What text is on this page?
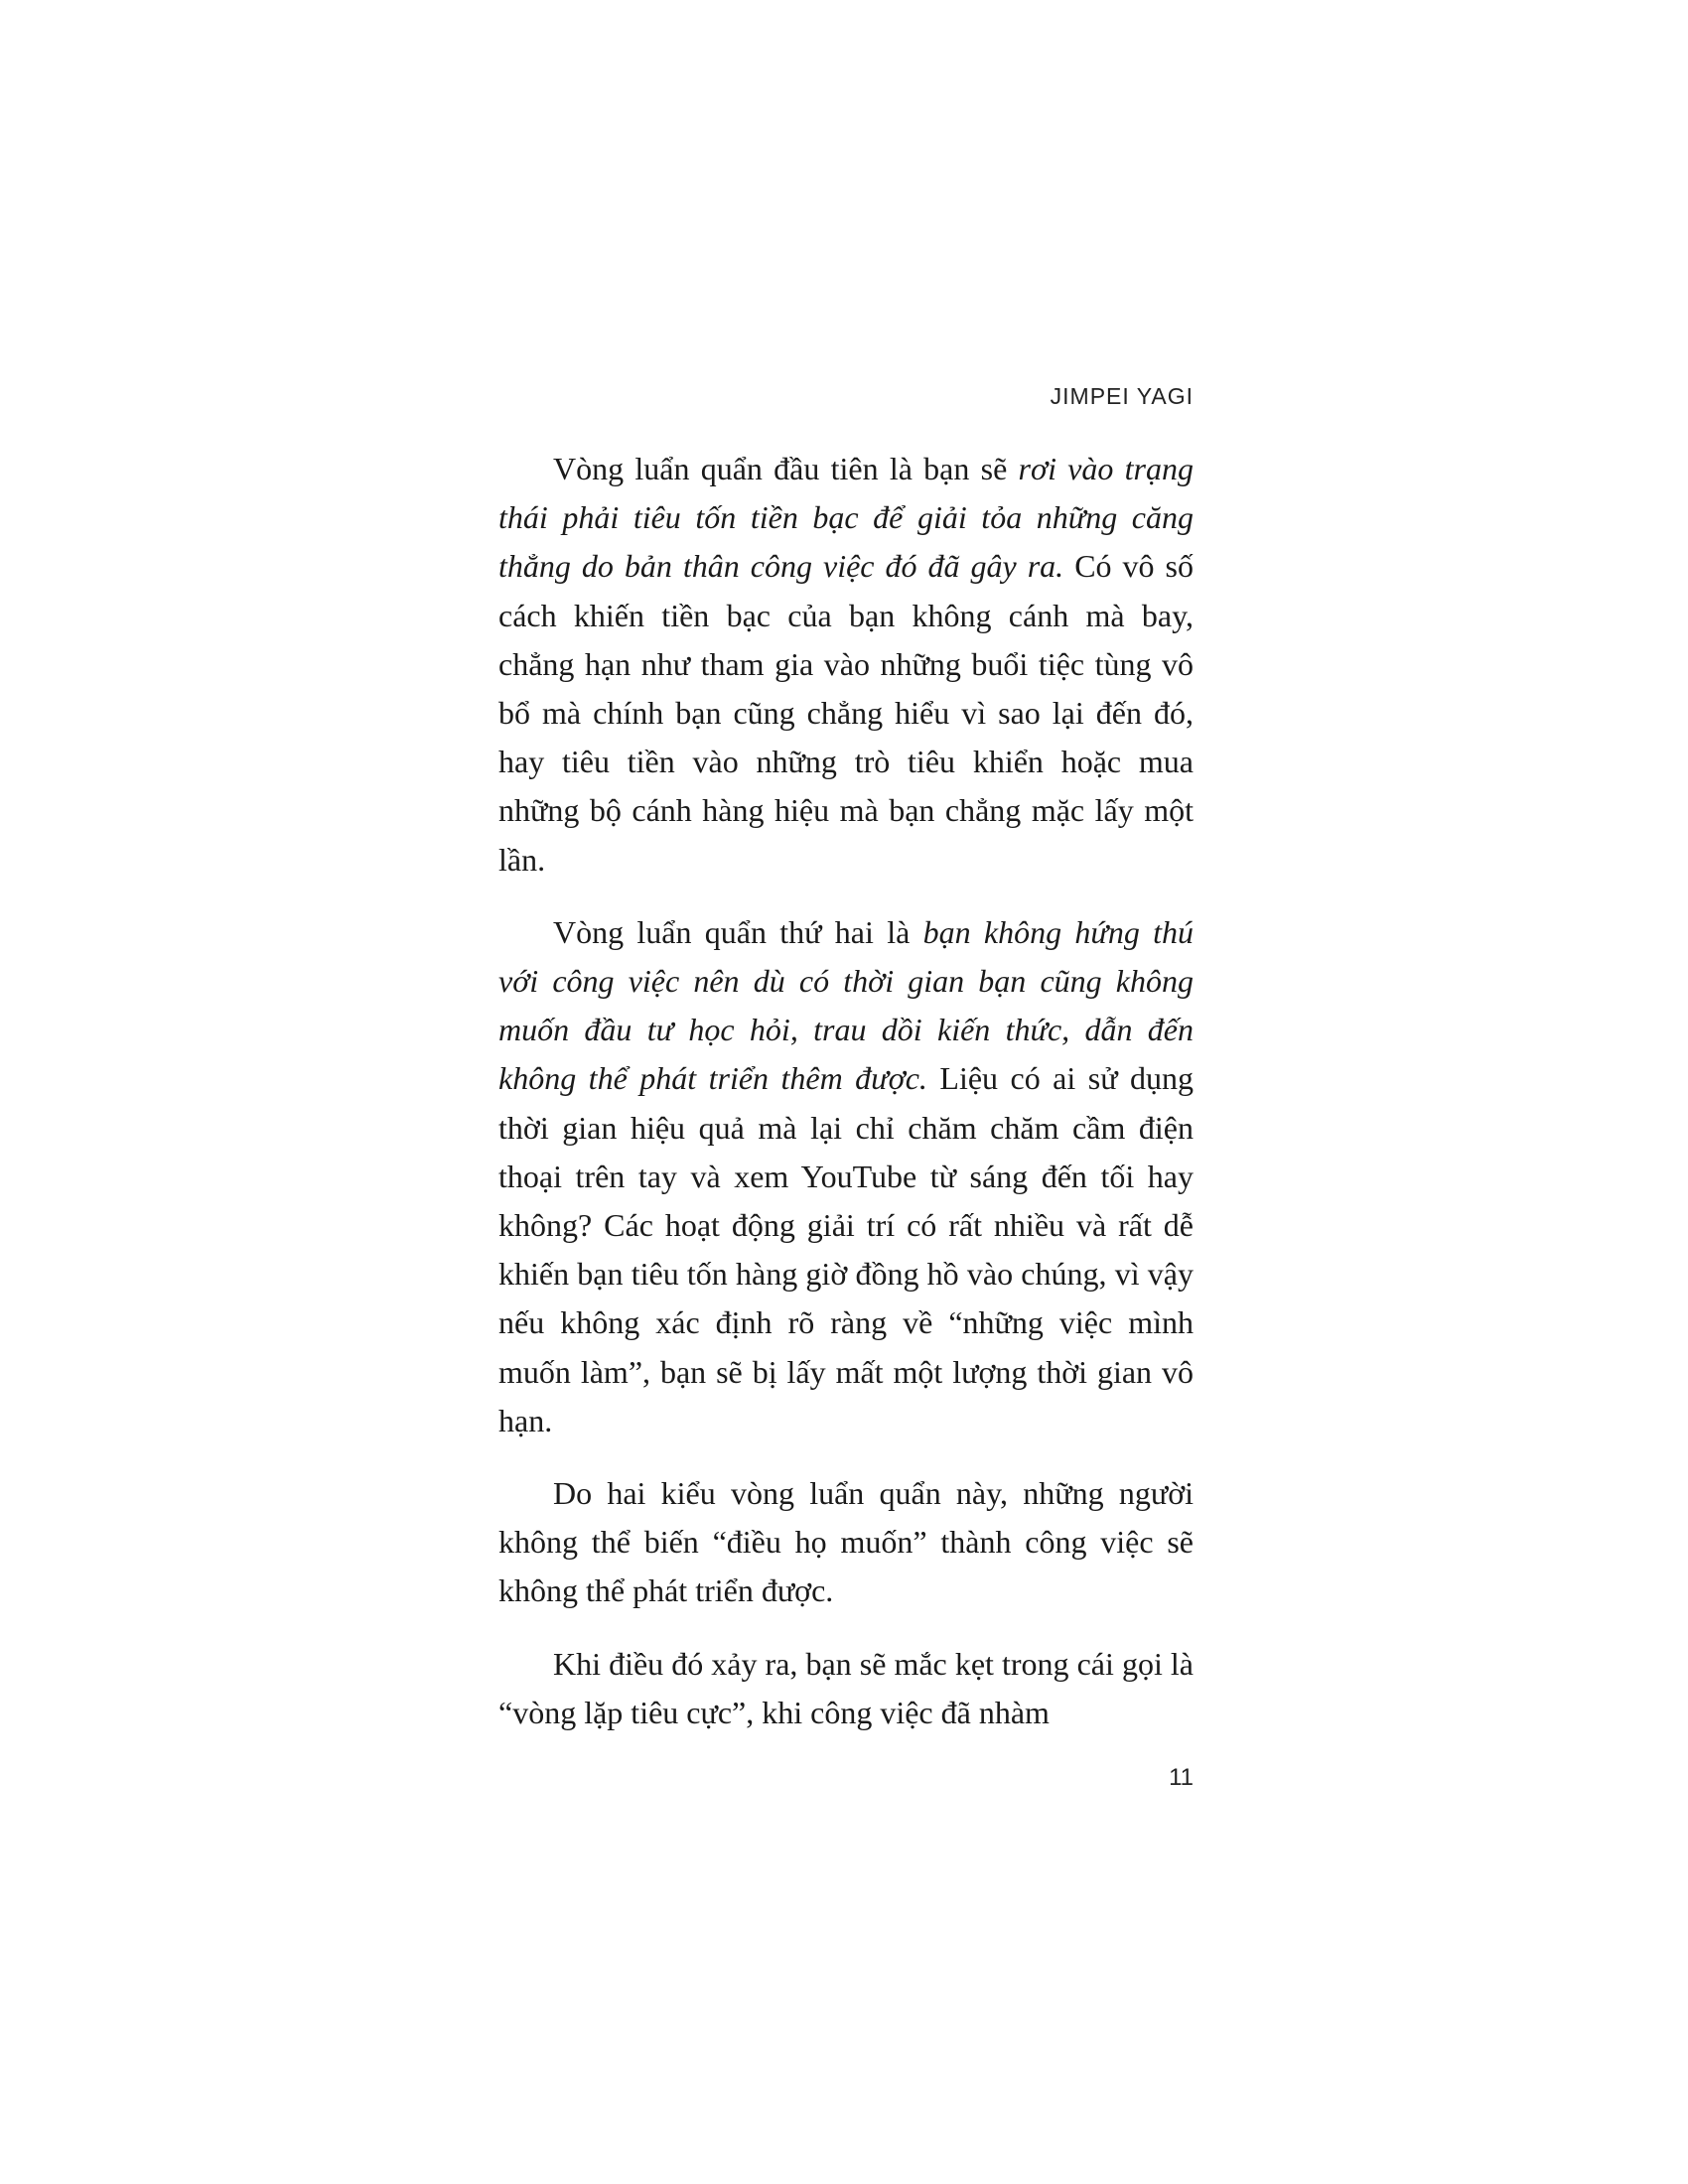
JIMPEI YAGI

Vòng luẩn quẩn đầu tiên là bạn sẽ rơi vào trạng thái phải tiêu tốn tiền bạc để giải tỏa những căng thẳng do bản thân công việc đó đã gây ra. Có vô số cách khiến tiền bạc của bạn không cánh mà bay, chẳng hạn như tham gia vào những buổi tiệc tùng vô bổ mà chính bạn cũng chẳng hiểu vì sao lại đến đó, hay tiêu tiền vào những trò tiêu khiển hoặc mua những bộ cánh hàng hiệu mà bạn chẳng mặc lấy một lần.

Vòng luẩn quẩn thứ hai là bạn không hứng thú với công việc nên dù có thời gian bạn cũng không muốn đầu tư học hỏi, trau dồi kiến thức, dẫn đến không thể phát triển thêm được. Liệu có ai sử dụng thời gian hiệu quả mà lại chỉ chăm chăm cầm điện thoại trên tay và xem YouTube từ sáng đến tối hay không? Các hoạt động giải trí có rất nhiều và rất dễ khiến bạn tiêu tốn hàng giờ đồng hồ vào chúng, vì vậy nếu không xác định rõ ràng về “những việc mình muốn làm”, bạn sẽ bị lấy mất một lượng thời gian vô hạn.

Do hai kiểu vòng luẩn quẩn này, những người không thể biến “điều họ muốn” thành công việc sẽ không thể phát triển được.

Khi điều đó xảy ra, bạn sẽ mắc kẹt trong cái gọi là “vòng lặp tiêu cực”, khi công việc đã nhàm

11
